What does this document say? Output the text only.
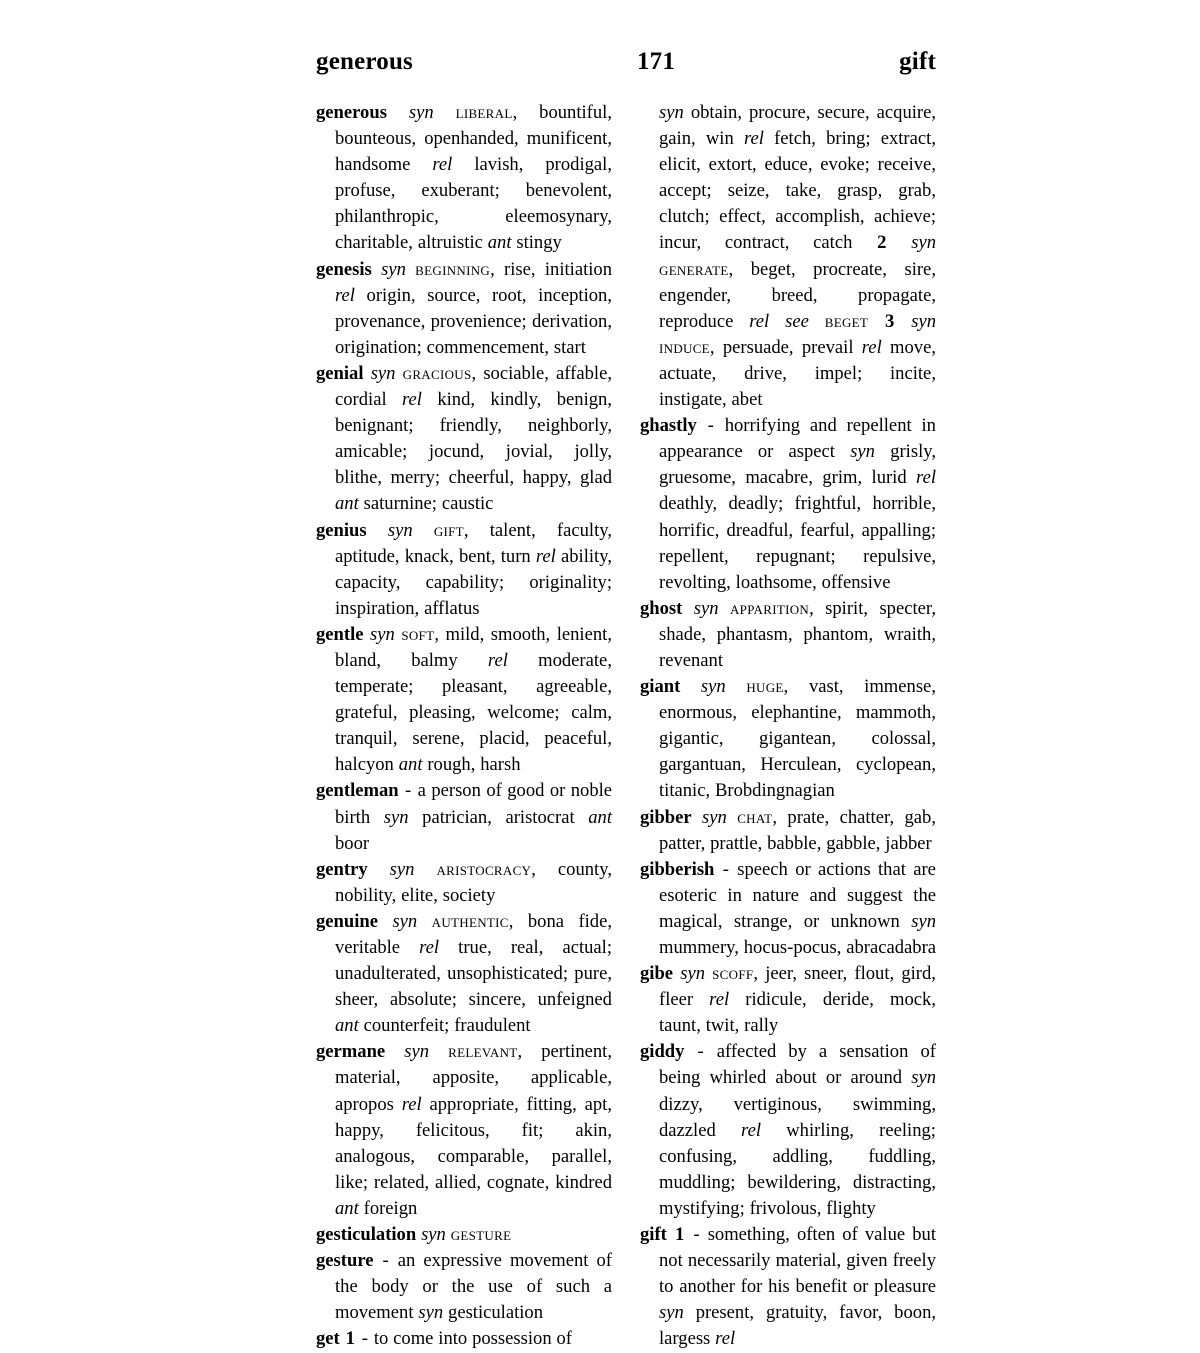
generous	171	gift

generous syn liberal, bountiful, bounteous, openhanded, munificent, handsome rel lavish, prodigal, profuse, exuberant; benevolent, philanthropic,	eleemosynary, charitable, altruistic ant stingy

genesis syn beginning, rise, initiation rel origin, source, root, inception, provenance, provenience; derivation, origination; commencement, start

genial syn gracious, sociable, affable, cordial rel kind, kindly, benign, benignant; friendly, neighborly, amicable; jocund, jovial, jolly, blithe, merry; cheerful, happy, glad ant saturnine; caustic

genius syn gift, talent, faculty, aptitude, knack, bent, turn rel ability, capacity, capability; originality; inspiration, afflatus

gentle syn soft, mild, smooth, lenient, bland, balmy rel moderate, temperate; pleasant, agreeable, grateful, pleasing, welcome; calm, tranquil, serene, placid, peaceful, halcyon ant rough, harsh

gentleman - a person of good or noble birth syn patrician, aristocrat ant boor

gentry syn aristocracy, county, nobility, elite, society

genuine syn authentic, bona fide, veritable rel true, real, actual; unadulterated, unsophisticated; pure, sheer, absolute; sincere, unfeigned ant counterfeit; fraudulent

germane syn relevant, pertinent, material, apposite, applicable, apropos rel appropriate, fitting, apt, happy, felicitous, fit; akin, analogous, comparable, parallel, like; related, allied, cognate, kindred ant foreign

gesticulation syn gesture

gesture - an expressive movement of the body or the use of such a movement syn gesticulation

get 1 - to come into possession of

syn obtain, procure, secure, acquire, gain, win rel fetch, bring; extract, elicit, extort, educe, evoke; receive, accept; seize, take, grasp, grab, clutch; effect, accomplish, achieve; incur, contract, catch 2 syn generate, beget, procreate, sire, engender, breed, propagate, reproduce rel see beget 3 syn induce, persuade, prevail rel move, actuate, drive, impel; incite, instigate, abet

ghastly - horrifying and repellent in appearance or aspect syn grisly, gruesome, macabre, grim, lurid rel deathly, deadly; frightful, horrible, horrific, dreadful, fearful, appalling; repellent, repugnant; repulsive, revolting, loathsome, offensive

ghost syn apparition, spirit, specter, shade, phantasm, phantom, wraith, revenant

giant syn huge, vast, immense, enormous, elephantine, mammoth, gigantic, gigantean, colossal, gargantuan, Herculean, cyclopean, titanic, Brobdingnagian

gibber syn chat, prate, chatter, gab, patter, prattle, babble, gabble, jabber

gibberish - speech or actions that are esoteric in nature and suggest the magical, strange, or unknown syn mummery, hocus-pocus, abracadabra

gibe syn scoff, jeer, sneer, flout, gird, fleer rel ridicule, deride, mock, taunt, twit, rally

giddy - affected by a sensation of being whirled about or around syn dizzy, vertiginous, swimming, dazzled rel whirling, reeling; confusing, addling, fuddling, muddling; bewildering, distracting, mystifying; frivolous, flighty

gift 1 - something, often of value but not necessarily material, given freely to another for his benefit or pleasure syn present, gratuity, favor, boon, largess rel
